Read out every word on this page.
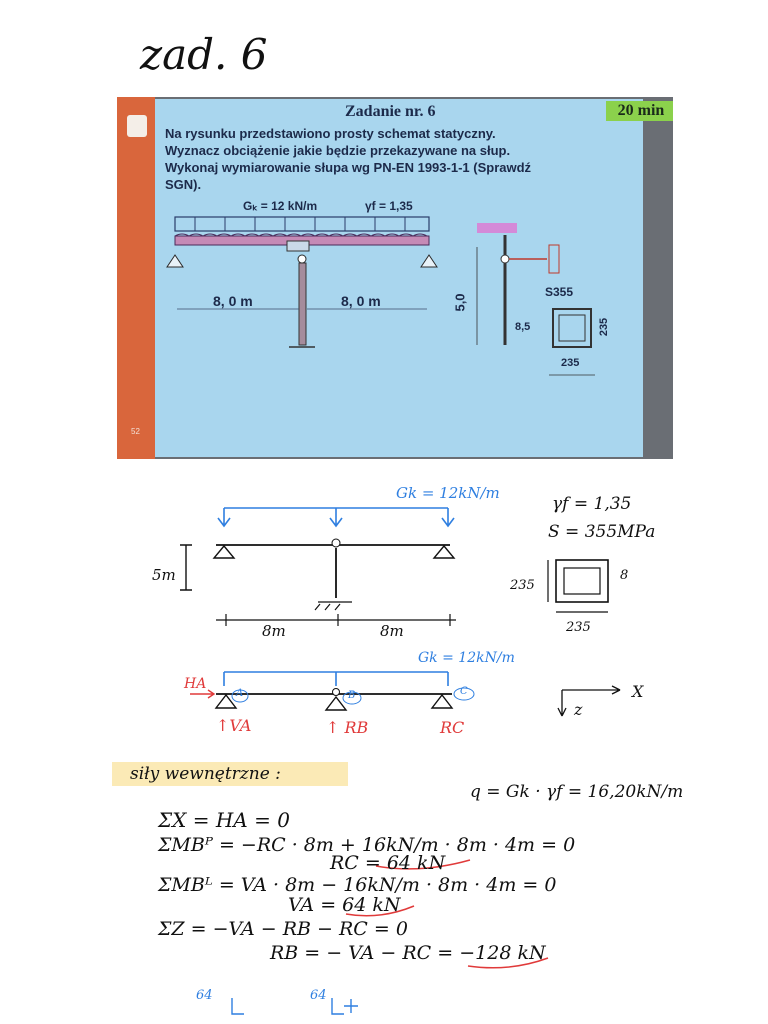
zad. 6
52
Zadanie nr. 6
Na rysunku przedstawiono prosty schemat statyczny.
Wyznacz obciążenie jakie będzie przekazywane na słup.
Wykonaj wymiarowanie słupa wg PN-EN 1993-1-1 (Sprawdź
SGN).
Gₖ = 12 kN/m	γf = 1,35
8, 0 m	8, 0 m	5,0
S355
8,5
235
235
20 min
Gk = 12kN/m
γf = 1,35
S = 355MPa
5m
8m	8m
235
8
235
Gk = 12kN/m
HA
↑VA	↑ RB	RC
A	B	C	X
z
siły wewnętrzne :
q = Gk · γf = 16,20kN/m
ΣX = HA = 0
ΣMBᴾ = −RC · 8m + 16kN/m · 8m · 4m = 0
RC = 64 kN
ΣMBᴸ = VA · 8m − 16kN/m · 8m · 4m = 0
VA = 64 kN
ΣZ = −VA − RB − RC = 0
RB = − VA − RC = −128 kN
64	64
